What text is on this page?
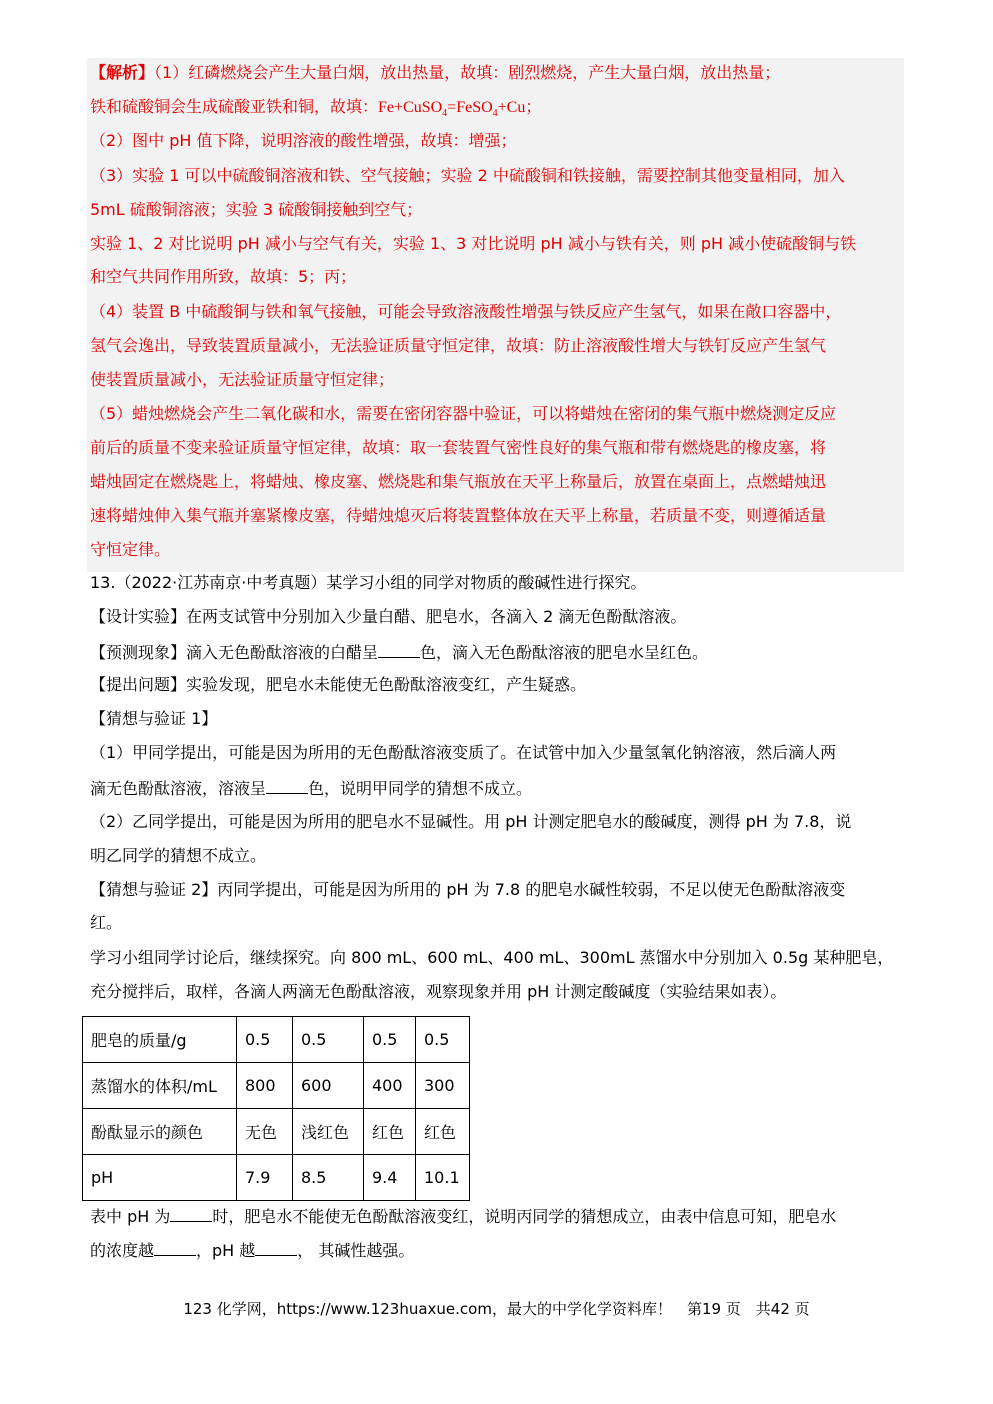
【解析】（1）红磷燃烧会产生大量白烟，放出热量，故填：剧烈燃烧，产生大量白烟，放出热量；

铁和硫酸铜会生成硫酸亚铁和铜，故填：Fe+CuSO$_4$=FeSO$_4$+Cu；

（2）图中 pH 值下降，说明溶液的酸性增强，故填：增强；

（3）实验 1 可以中硫酸铜溶液和铁、空气接触；实验 2 中硫酸铜和铁接触，需要控制其他变量相同，加入

5mL 硫酸铜溶液；实验 3 硫酸铜接触到空气；

实验 1、2 对比说明 pH 减小与空气有关，实验 1、3 对比说明 pH 减小与铁有关，则 pH 减小使硫酸铜与铁

和空气共同作用所致，故填：5；丙；

（4）装置 B 中硫酸铜与铁和氧气接触，可能会导致溶液酸性增强与铁反应产生氢气，如果在敞口容器中，

氢气会逸出，导致装置质量减小，无法验证质量守恒定律，故填：防止溶液酸性增大与铁钉反应产生氢气

使装置质量减小，无法验证质量守恒定律；

（5）蜡烛燃烧会产生二氧化碳和水，需要在密闭容器中验证，可以将蜡烛在密闭的集气瓶中燃烧测定反应

前后的质量不变来验证质量守恒定律，故填：取一套装置气密性良好的集气瓶和带有燃烧匙的橡皮塞，将

蜡烛固定在燃烧匙上，将蜡烛、橡皮塞、燃烧匙和集气瓶放在天平上称量后，放置在桌面上，点燃蜡烛迅

速将蜡烛伸入集气瓶并塞紧橡皮塞，待蜡烛熄灭后将装置整体放在天平上称量，若质量不变，则遵循适量

守恒定律。

13.（2022·江苏南京·中考真题）某学习小组的同学对物质的酸碱性进行探究。

【设计实验】在两支试管中分别加入少量白醋、肥皂水，各滴入 2 滴无色酚酞溶液。

【预测现象】滴入无色酚酞溶液的白醋呈	色，滴入无色酚酞溶液的肥皂水呈红色。

【提出问题】实验发现，肥皂水未能使无色酚酞溶液变红，产生疑惑。

【猜想与验证 1】

（1）甲同学提出，可能是因为所用的无色酚酞溶液变质了。在试管中加入少量氢氧化钠溶液，然后滴人两

滴无色酚酞溶液，溶液呈	色，说明甲同学的猜想不成立。

（2）乙同学提出，可能是因为所用的肥皂水不显碱性。用 pH 计测定肥皂水的酸碱度，测得 pH 为 7.8，说

明乙同学的猜想不成立。

【猜想与验证 2】丙同学提出，可能是因为所用的 pH 为 7.8 的肥皂水碱性较弱，不足以使无色酚酞溶液变

红。

学习小组同学讨论后，继续探究。向 800 mL、600 mL、400 mL、300mL 蒸馏水中分别加入 0.5g 某种肥皂，

充分搅拌后，取样，各滴人两滴无色酚酞溶液，观察现象并用 pH 计测定酸碱度（实验结果如表）。

肥皂的质量/g	0.5	0.5	0.5	0.5
蒸馏水的体积/mL	800	600	400	300
酚酞显示的颜色	无色	浅红色	红色	红色
pH	7.9	8.5	9.4	10.1

表中 pH 为	时，肥皂水不能使无色酚酞溶液变红，说明丙同学的猜想成立，由表中信息可知，肥皂水

的浓度越	，pH 越	， 其碱性越强。

123 化学网，https://www.123huaxue.com，最大的中学化学资料库！　第19 页　共42 页
